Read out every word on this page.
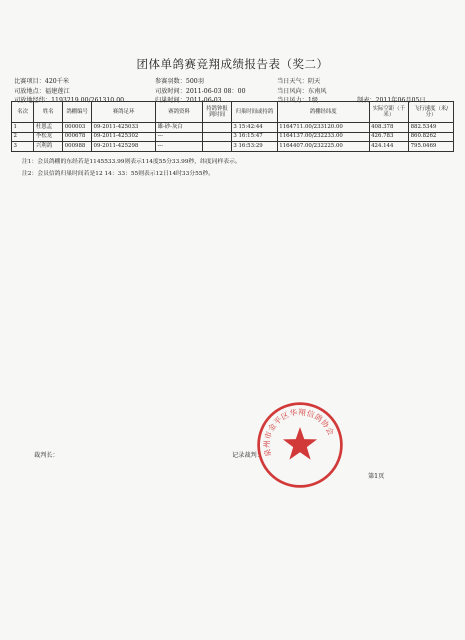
团体单鸽赛竞翔成绩报告表（奖二）
比赛项目：420千米	参赛羽数：500羽	当日天气：阴天
司放地点：福建莲江	司放时间：2011-06-03 08：00	当日风向：东南风
司放地经纬：1193219.00/261310.00	归巢时间：2011-06-03	当日风力：1级	制表：2011年06月05日
名次	姓名	鸽棚编号	赛鸽足环	赛鸽资料	持鸽钟报到时间	归巢时间或持鸽	鸽棚经纬度	实际空距（千米）	飞行速度（米/分）
1	杜恩孟	000003	09-2011-425033	雄-砂-灰白		3 15:42:44	1164711.00/233120.00	408.378	882.5349
2	李松龙	000678	09-2011-425302	---		3 16:15:47	1164137.00/232233.00	426.783	860.8262
3	兴利鸽	000988	09-2011-425298	---		3 16:53:29	1164407.00/232225.00	424.144	795.0469
注1：会员鸽棚的东经若是1145533.99则表示114度55分33.99秒，纬度同样表示。
注2：会员信鸽归巢时间若是12 14：33：55则表示12日14时33分55秒。
裁判长：	记录裁判：
第1页
泉州市金平区华翔信鸽协会
